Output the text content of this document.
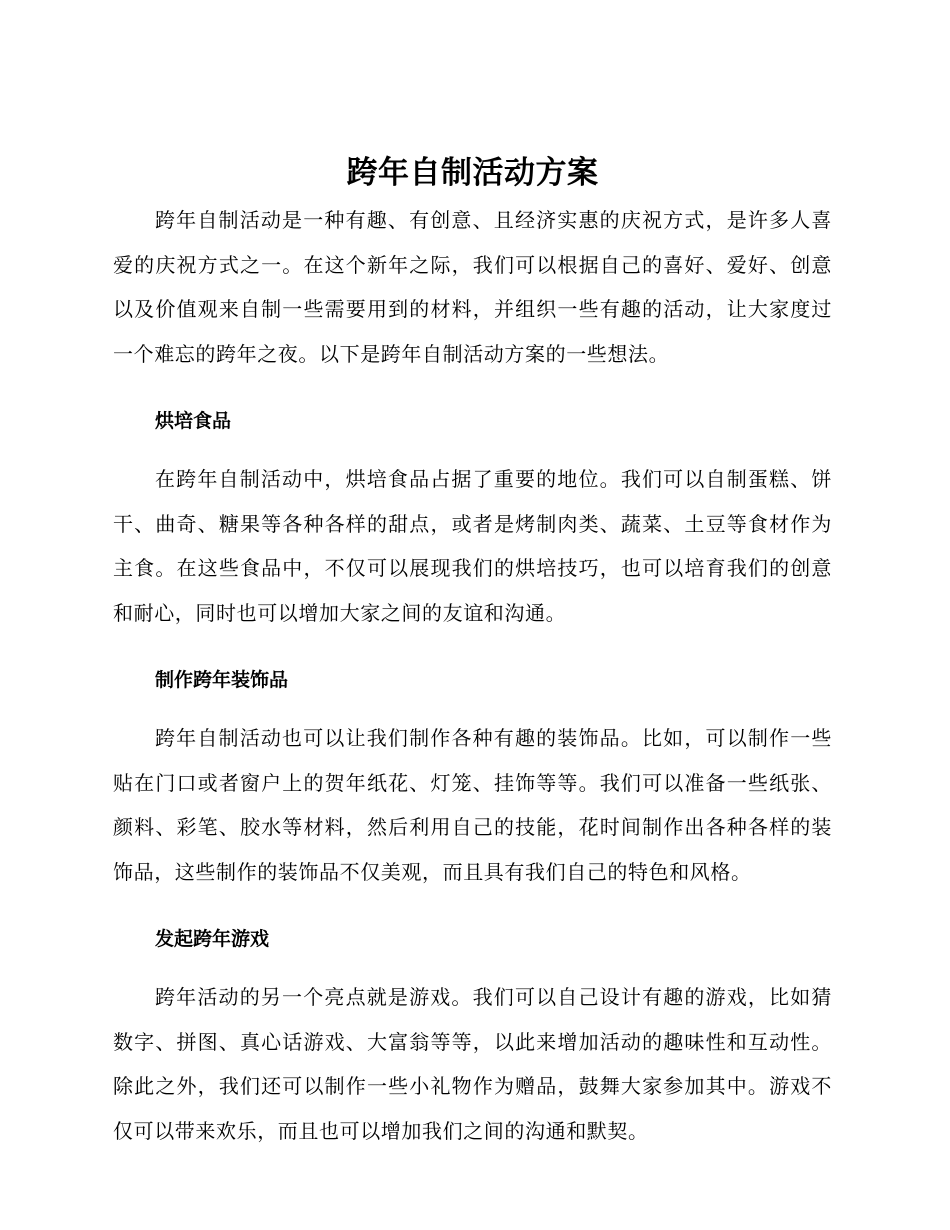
跨年自制活动方案

跨年自制活动是一种有趣、有创意、且经济实惠的庆祝方式，是许多人喜爱的庆祝方式之一。在这个新年之际，我们可以根据自己的喜好、爱好、创意以及价值观来自制一些需要用到的材料，并组织一些有趣的活动，让大家度过一个难忘的跨年之夜。以下是跨年自制活动方案的一些想法。

烘培食品

在跨年自制活动中，烘培食品占据了重要的地位。我们可以自制蛋糕、饼干、曲奇、糖果等各种各样的甜点，或者是烤制肉类、蔬菜、土豆等食材作为主食。在这些食品中，不仅可以展现我们的烘培技巧，也可以培育我们的创意和耐心，同时也可以增加大家之间的友谊和沟通。

制作跨年装饰品

跨年自制活动也可以让我们制作各种有趣的装饰品。比如，可以制作一些贴在门口或者窗户上的贺年纸花、灯笼、挂饰等等。我们可以准备一些纸张、颜料、彩笔、胶水等材料，然后利用自己的技能，花时间制作出各种各样的装饰品，这些制作的装饰品不仅美观，而且具有我们自己的特色和风格。

发起跨年游戏

跨年活动的另一个亮点就是游戏。我们可以自己设计有趣的游戏，比如猜数字、拼图、真心话游戏、大富翁等等，以此来增加活动的趣味性和互动性。除此之外，我们还可以制作一些小礼物作为赠品，鼓舞大家参加其中。游戏不仅可以带来欢乐，而且也可以增加我们之间的沟通和默契。
